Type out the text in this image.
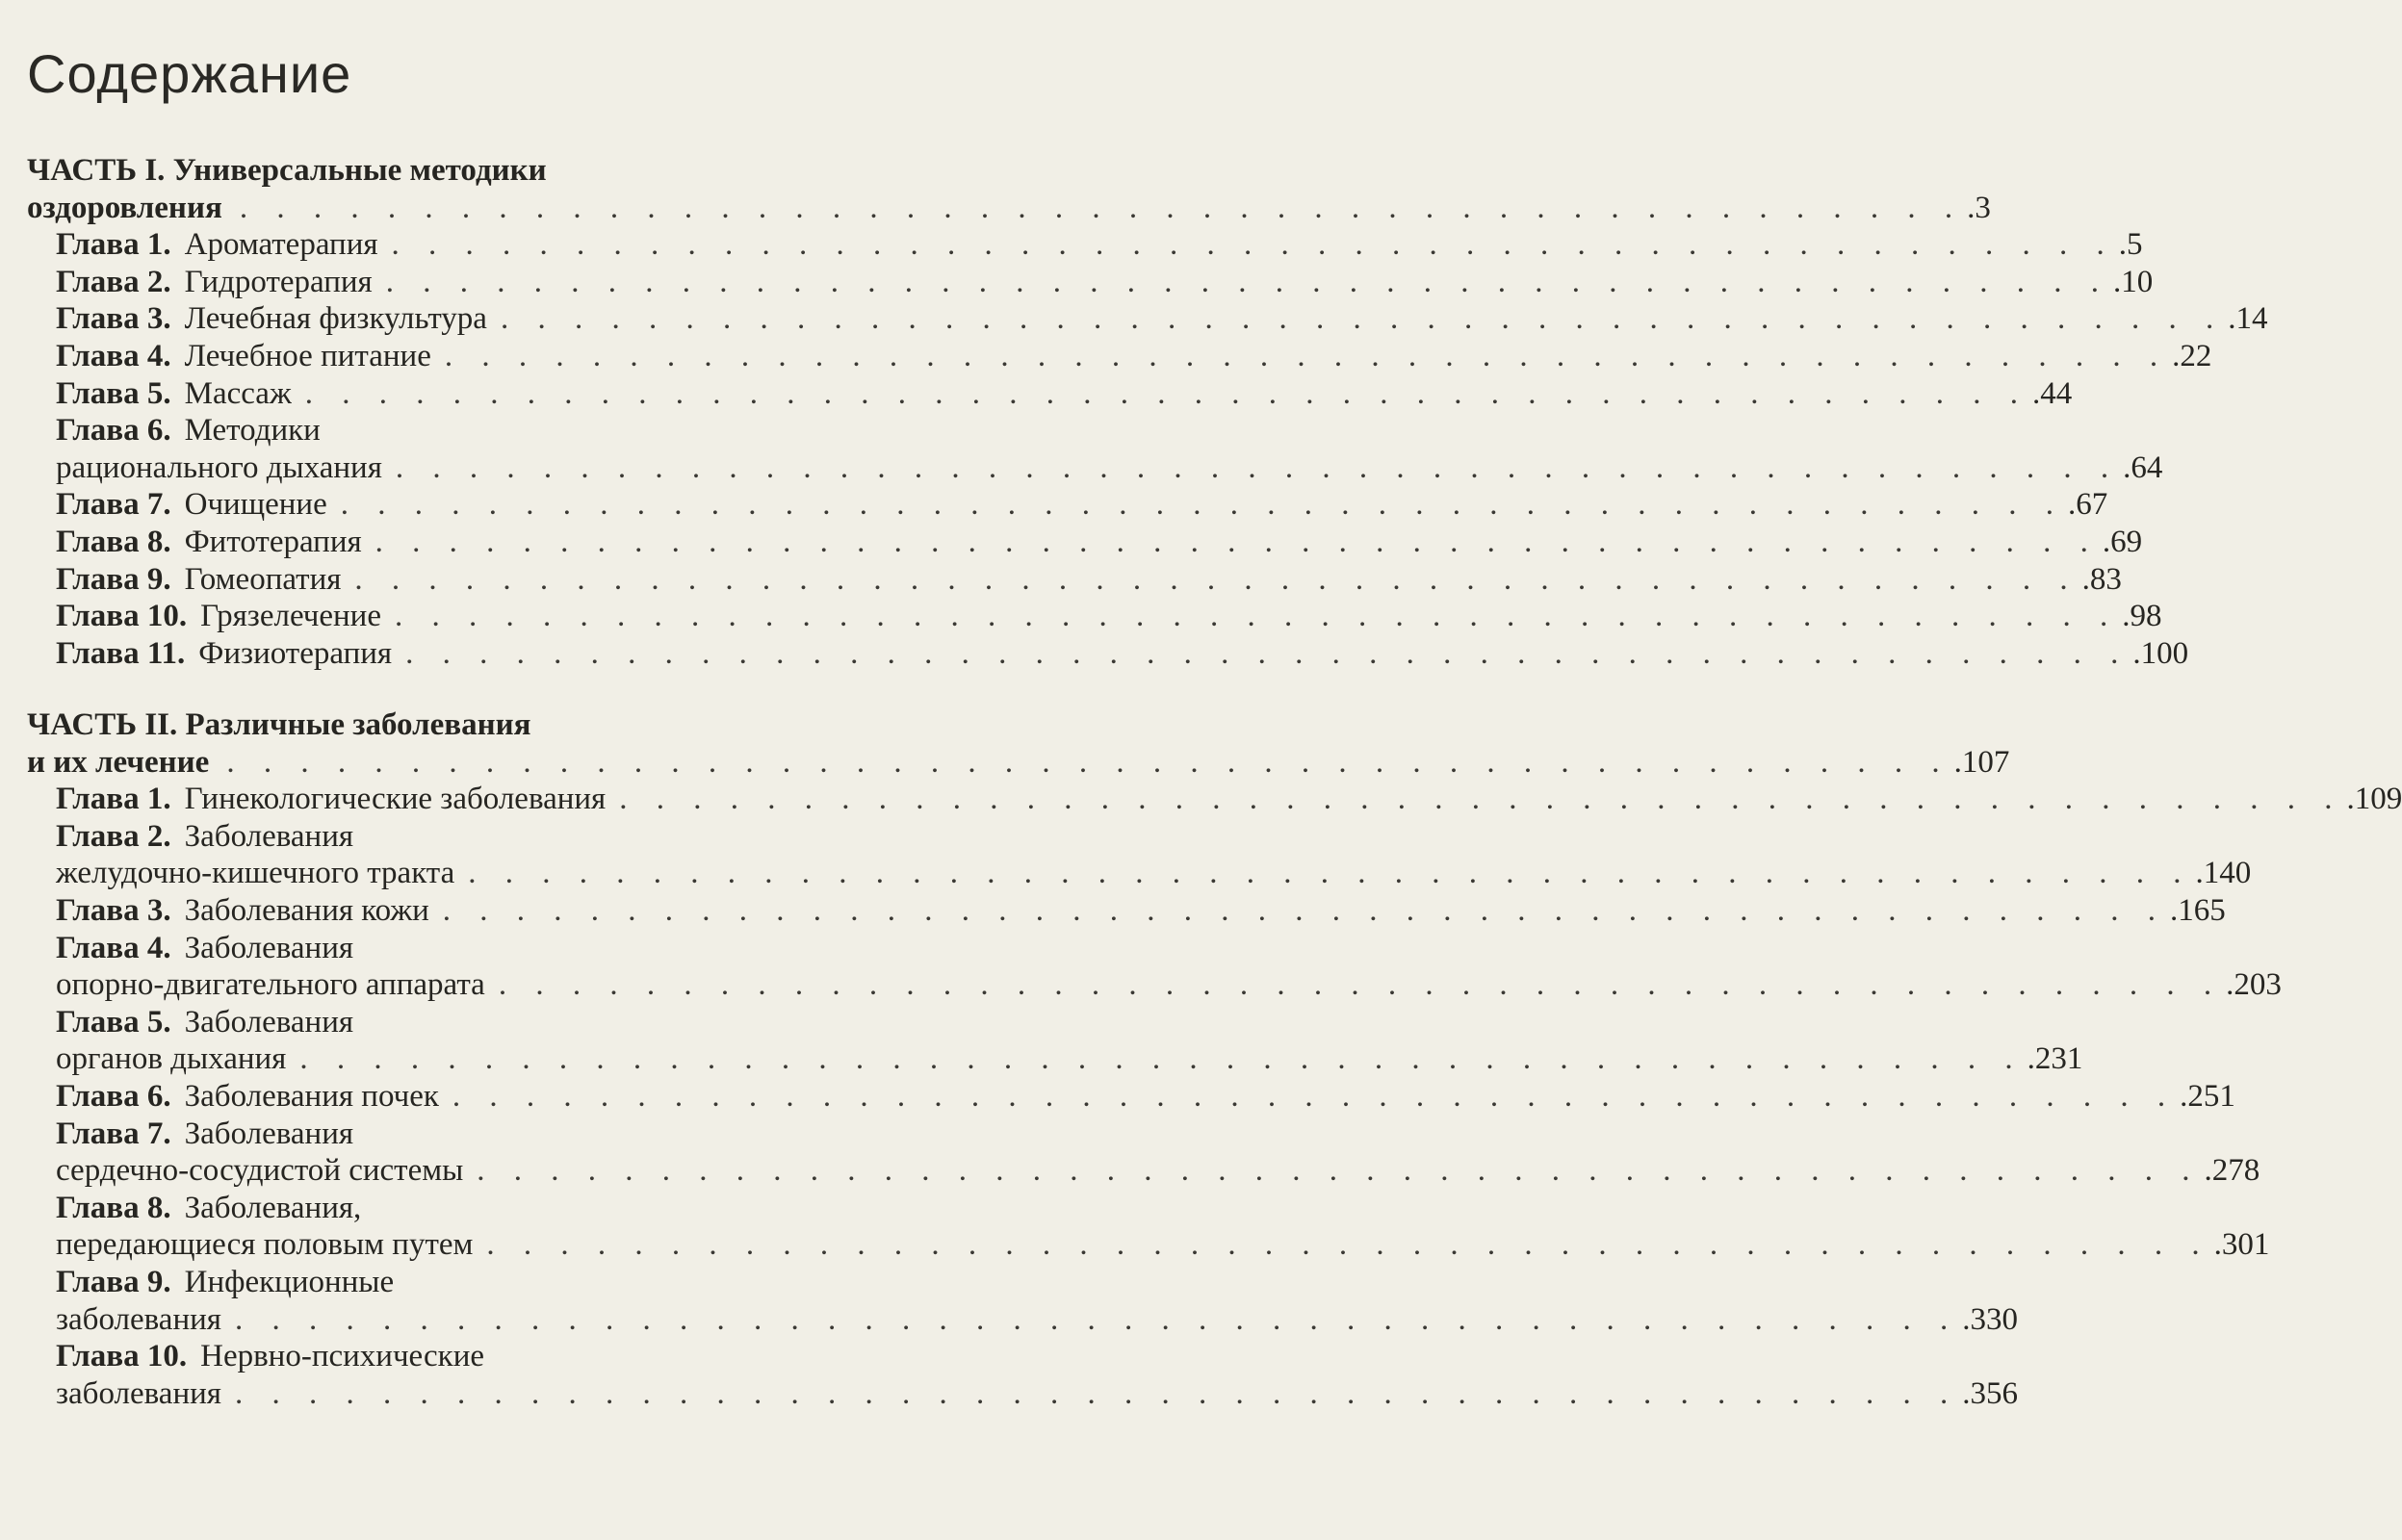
Содержание
ЧАСТЬ I. Универсальные методики
оздоровления . . . . . . . . . . . . . . . . . . . . . . . . . . . . . . . . . . . . . . . . . . . . . . . .3
Глава 1. Ароматерапия . . . . . . . . . . . . . . . . . . . . . . . . . . . . . . . . . . . . . . . . . . . . . . . .5
Глава 2. Гидротерапия . . . . . . . . . . . . . . . . . . . . . . . . . . . . . . . . . . . . . . . . . . . . . . . .10
Глава 3. Лечебная физкультура . . . . . . . . . . . . . . . . . . . . . . . . . . . . . . . . . . . . . . . . . . . . . . . .14
Глава 4. Лечебное питание . . . . . . . . . . . . . . . . . . . . . . . . . . . . . . . . . . . . . . . . . . . . . . . .22
Глава 5. Массаж . . . . . . . . . . . . . . . . . . . . . . . . . . . . . . . . . . . . . . . . . . . . . . . .44
Глава 6. Методики
рационального дыхания . . . . . . . . . . . . . . . . . . . . . . . . . . . . . . . . . . . . . . . . . . . . . . . .64
Глава 7. Очищение . . . . . . . . . . . . . . . . . . . . . . . . . . . . . . . . . . . . . . . . . . . . . . . .67
Глава 8. Фитотерапия . . . . . . . . . . . . . . . . . . . . . . . . . . . . . . . . . . . . . . . . . . . . . . . .69
Глава 9. Гомеопатия . . . . . . . . . . . . . . . . . . . . . . . . . . . . . . . . . . . . . . . . . . . . . . . .83
Глава 10. Грязелечение . . . . . . . . . . . . . . . . . . . . . . . . . . . . . . . . . . . . . . . . . . . . . . . .98
Глава 11. Физиотерапия . . . . . . . . . . . . . . . . . . . . . . . . . . . . . . . . . . . . . . . . . . . . . . . .100
ЧАСТЬ II. Различные заболевания
и их лечение . . . . . . . . . . . . . . . . . . . . . . . . . . . . . . . . . . . . . . . . . . . . . . . .107
Глава 1. Гинекологические заболевания . . . . . . . . . . . . . . . . . . . . . . . . . . . . . . . . . . . . . . . . . . . . . . . .109
Глава 2. Заболевания
желудочно-кишечного тракта . . . . . . . . . . . . . . . . . . . . . . . . . . . . . . . . . . . . . . . . . . . . . . . .140
Глава 3. Заболевания кожи . . . . . . . . . . . . . . . . . . . . . . . . . . . . . . . . . . . . . . . . . . . . . . . .165
Глава 4. Заболевания
опорно-двигательного аппарата . . . . . . . . . . . . . . . . . . . . . . . . . . . . . . . . . . . . . . . . . . . . . . . .203
Глава 5. Заболевания
органов дыхания . . . . . . . . . . . . . . . . . . . . . . . . . . . . . . . . . . . . . . . . . . . . . . . .231
Глава 6. Заболевания почек . . . . . . . . . . . . . . . . . . . . . . . . . . . . . . . . . . . . . . . . . . . . . . . .251
Глава 7. Заболевания
сердечно-сосудистой системы . . . . . . . . . . . . . . . . . . . . . . . . . . . . . . . . . . . . . . . . . . . . . . . .278
Глава 8. Заболевания,
передающиеся половым путем . . . . . . . . . . . . . . . . . . . . . . . . . . . . . . . . . . . . . . . . . . . . . . . .301
Глава 9. Инфекционные
заболевания . . . . . . . . . . . . . . . . . . . . . . . . . . . . . . . . . . . . . . . . . . . . . . . .330
Глава 10. Нервно-психические
заболевания . . . . . . . . . . . . . . . . . . . . . . . . . . . . . . . . . . . . . . . . . . . . . . . .356
